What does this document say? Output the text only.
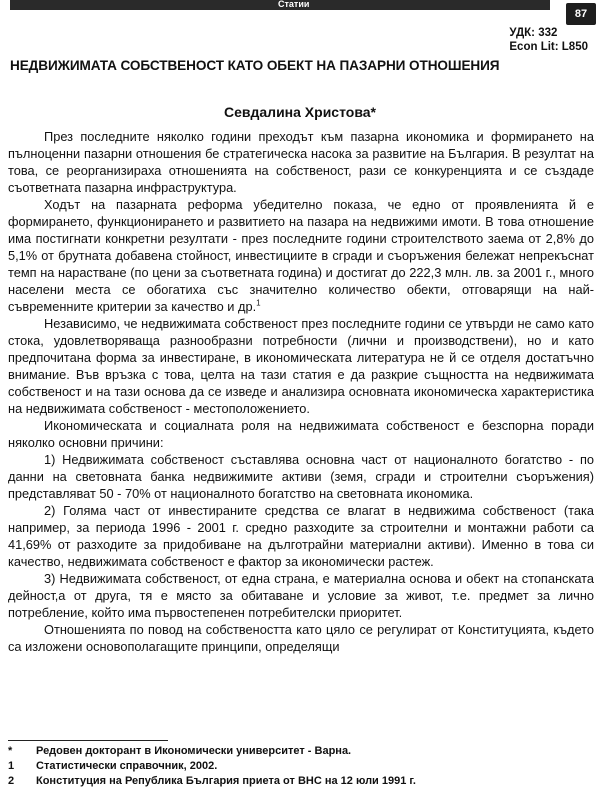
Статии
87
УДК: 332
Econ Lit: L850
НЕДВИЖИМАТА СОБСТВЕНОСТ КАТО ОБЕКТ НА ПАЗАРНИ ОТНОШЕНИЯ
Севдалина Христова*

През последните няколко години преходът към пазарна икономика и формирането на пълноценни пазарни отношения бе стратегическа насока за развитие на България. В резултат на това, се реорганизираха отношенията на собственост, рази се конкуренцията и се създаде съответната пазарна инфраструктура.

Ходът на пазарната реформа убедително показа, че едно от проявленията й е формирането, функционирането и развитието на пазара на недвижими имоти. В това отношение има постигнати конкретни резултати - през последните години строителството заема от 2,8% до 5,1% от брутната добавена стойност, инвестициите в сгради и съоръжения бележат непрекъснат темп на нарастване (по цени за съответната година) и достигат до 222,3 млн. лв. за 2001 г., много населени места се обогатиха със значително количество обекти, отговарящи на най-съвременните критерии за качество и др.$^1$

Независимо, че недвижимата собственост през последните години се утвърди не само като стока, удовлетворяваща разнообразни потребности (лични и производствени), но и като предпочитана форма за инвестиране, в икономическата литература не й се отделя достатъчно внимание. Във връзка с това, целта на тази статия е да разкрие същността на недвижимата собственост и на тази основа да се изведе и анализира основната икономическа характеристика на недвижимата собственост - местоположението.

Икономическата и социалната роля на недвижимата собственост е безспорна поради няколко основни причини:

1) Недвижимата собственост съставлява основна част от националното богатство - по данни на световната банка недвижимите активи (земя, сгради и строителни съоръжения) представляват 50 - 70% от националното богатство на световната икономика.

2) Голяма част от инвестираните средства се влагат в недвижима собственост (така например, за периода 1996 - 2001 г. средно разходите за строителни и монтажни работи са 41,69% от разходите за придобиване на дълготрайни материални активи). Именно в това си качество, недвижимата собственост е фактор за икономически растеж.

3) Недвижимата собственост, от една страна, е материална основа и обект на стопанската дейност,а от друга, тя е място за обитаване и условие за живот, т.е. предмет за лично потребление, който има първостепенен потребителски приоритет.

Отношенията по повод на собствеността като цяло се регулират от Конституцията, където са изложени основополагащите принципи, определящи

*	Редовен докторант в Икономически университет - Варна.
1	Статистически справочник, 2002.
2	Конституция на Република България приета от ВНС на 12 юли 1991 г.
